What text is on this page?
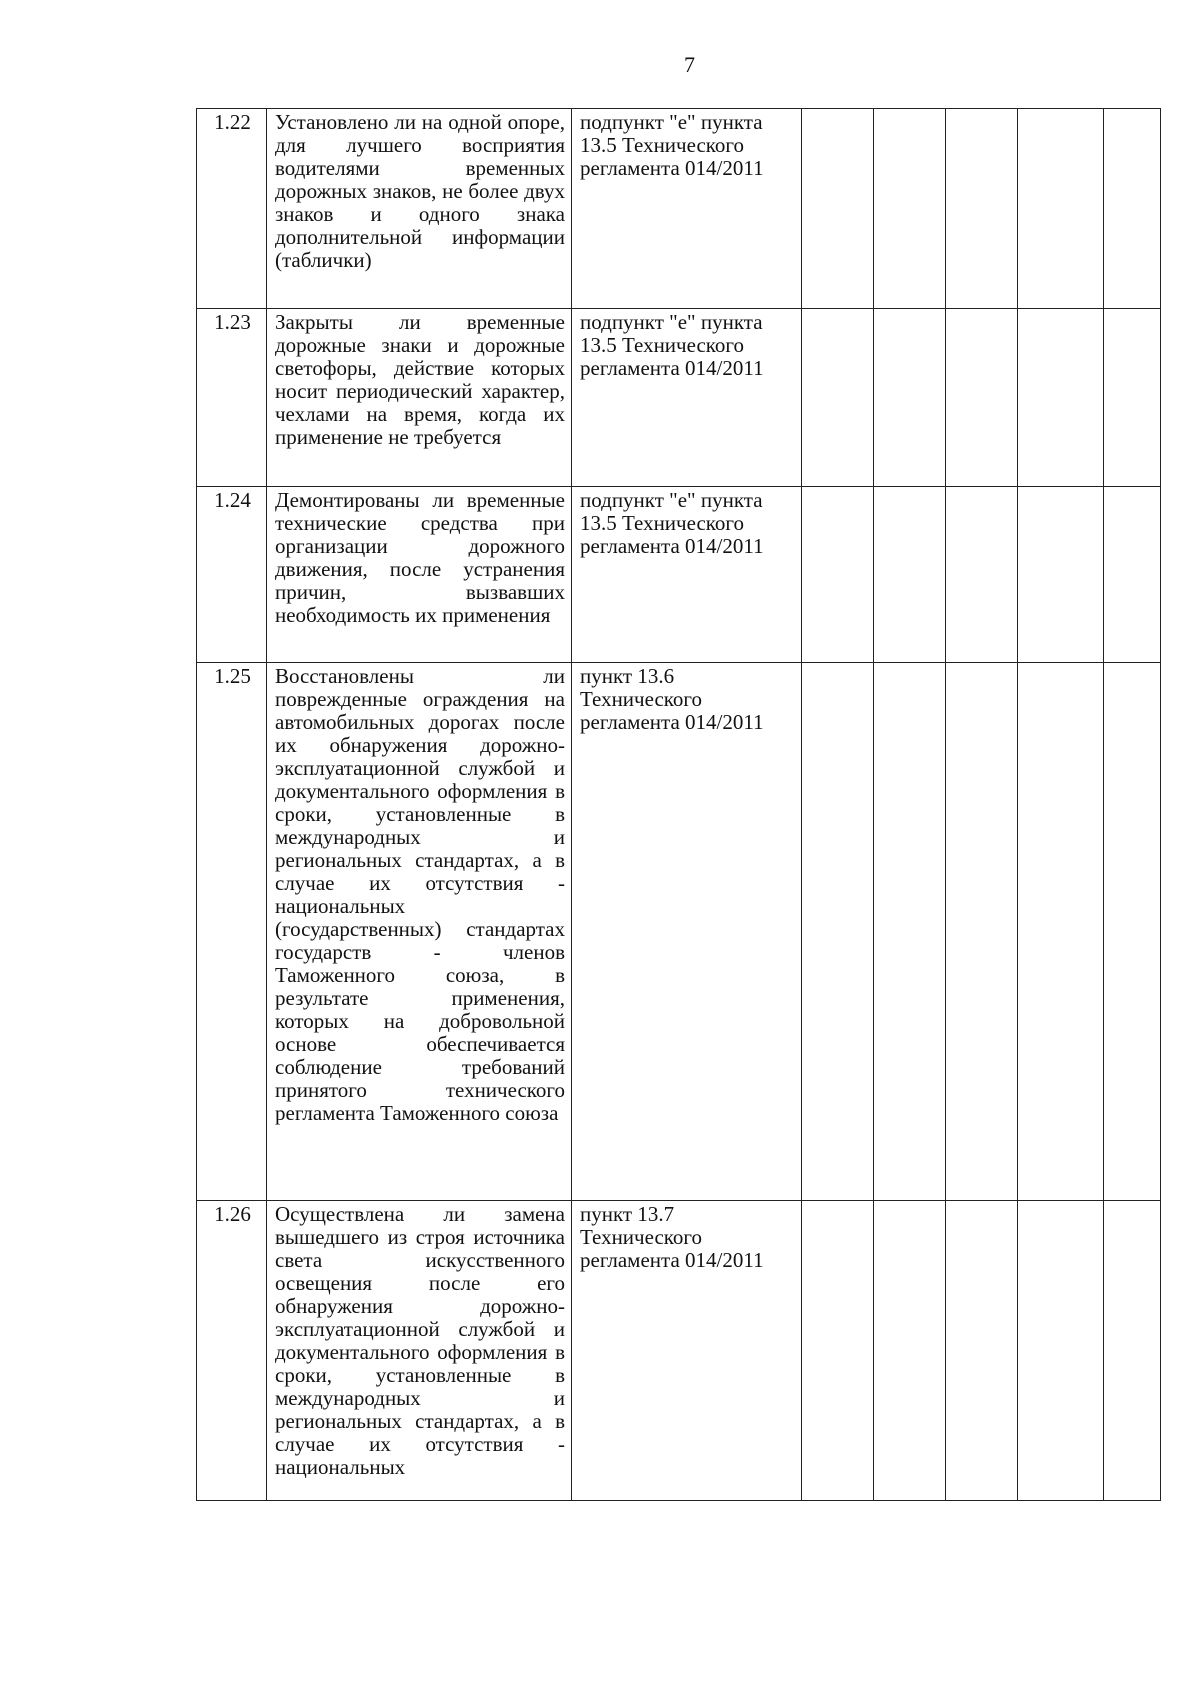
7
1.22	Установлено ли на одной опоре, для лучшего восприятия водителями временных дорожных знаков, не более двух знаков и одного знака дополнительной информации (таблички)	подпункт "е" пункта 13.5 Технического регламента 014/2011					
1.23	Закрыты ли временные дорожные знаки и дорожные светофоры, действие которых носит периодический характер, чехлами на время, когда их применение не требуется	подпункт "е" пункта 13.5 Технического регламента 014/2011					
1.24	Демонтированы ли временные технические средства при организации дорожного движения, после устранения причин, вызвавших необходимость их применения	подпункт "е" пункта 13.5 Технического регламента 014/2011					
1.25	Восстановлены ли поврежденные ограждения на автомобильных дорогах после их обнаружения дорожно-эксплуатационной службой и документального оформления в сроки, установленные в международных и региональных стандартах, а в случае их отсутствия - национальных (государственных) стандартах государств - членов Таможенного союза, в результате применения, которых на добровольной основе обеспечивается соблюдение требований принятого технического регламента Таможенного союза	пункт 13.6 Технического регламента 014/2011					
1.26	Осуществлена ли замена вышедшего из строя источника света искусственного освещения после его обнаружения дорожно-эксплуатационной службой и документального оформления в сроки, установленные в международных и региональных стандартах, а в случае их отсутствия - национальных	пункт 13.7 Технического регламента 014/2011					
